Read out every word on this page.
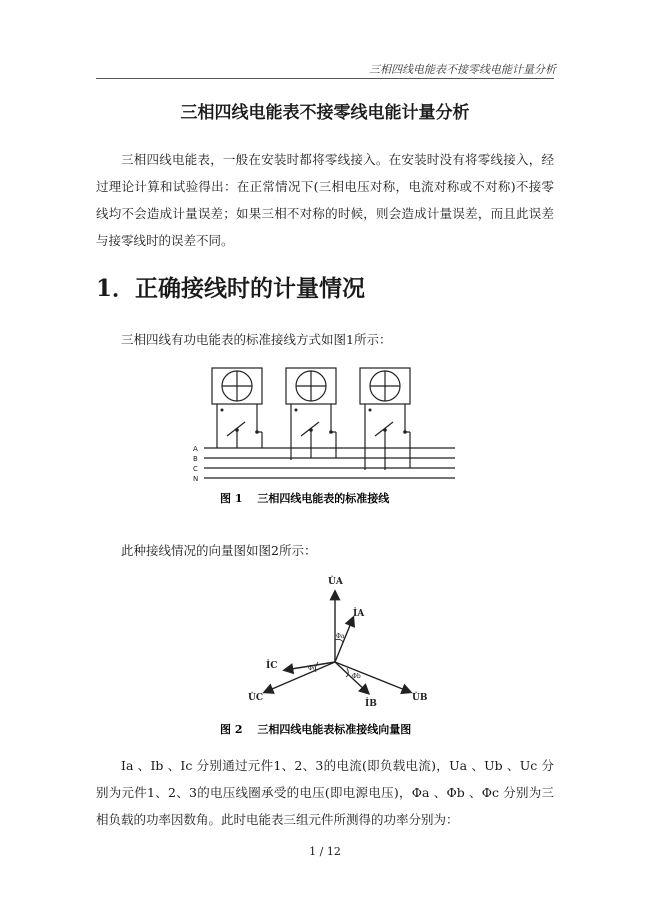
三相四线电能表不接零线电能计量分析
三相四线电能表不接零线电能计量分析

三相四线电能表，一般在安装时都将零线接入。在安装时没有将零线接入，经过理论计算和试验得出：在正常情况下(三相电压对称，电流对称或不对称)不接零线均不会造成计量误差；如果三相不对称的时候，则会造成计量误差，而且此误差与接零线时的误差不同。

1．正确接线时的计量情况

三相四线有功电能表的标准接线方式如图1所示：

A
B
C
N
图 1　 三相四线电能表的标准接线

此种接线情况的向量图如图2所示：

U̇A
U̇B
U̇C
İA
İB
İC
Φa
Φb
Φc
图 2　 三相四线电能表标准接线向量图

Ia 、Ib 、Ic 分别通过元件1、2、3的电流(即负载电流)，Ua 、Ub 、Uc 分别为元件1、2、3的电压线圈承受的电压(即电源电压)，Φa 、Φb 、Φc 分别为三相负载的功率因数角。此时电能表三组元件所测得的功率分别为：

1 / 12
